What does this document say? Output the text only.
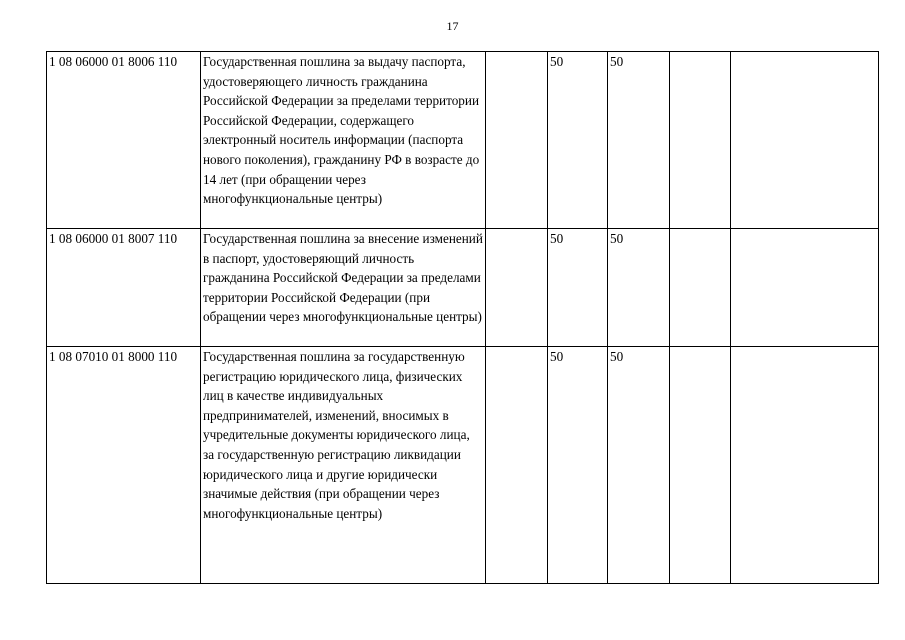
17
1 08 06000 01 8006 110	Государственная пошлина за выдачу паспорта, удостоверяющего личность гражданина Российской Федерации за пределами территории Российской Федерации, содержащего электронный носитель информации (паспорта нового поколения), гражданину РФ в возрасте до 14 лет (при обращении через многофункциональные центры)		50	50		
1 08 06000 01 8007 110	Государственная пошлина за внесение изменений в паспорт, удостоверяющий личность гражданина Российской Федерации за пределами территории Российской Федерации (при обращении через многофункциональные центры)		50	50		
1 08 07010 01 8000 110	Государственная пошлина за государственную регистрацию юридического лица, физических лиц в качестве индивидуальных предпринимателей, изменений, вносимых в учредительные документы юридического лица, за государственную регистрацию ликвидации юридического лица и другие юридически значимые действия (при обращении через многофункциональные центры)		50	50		
